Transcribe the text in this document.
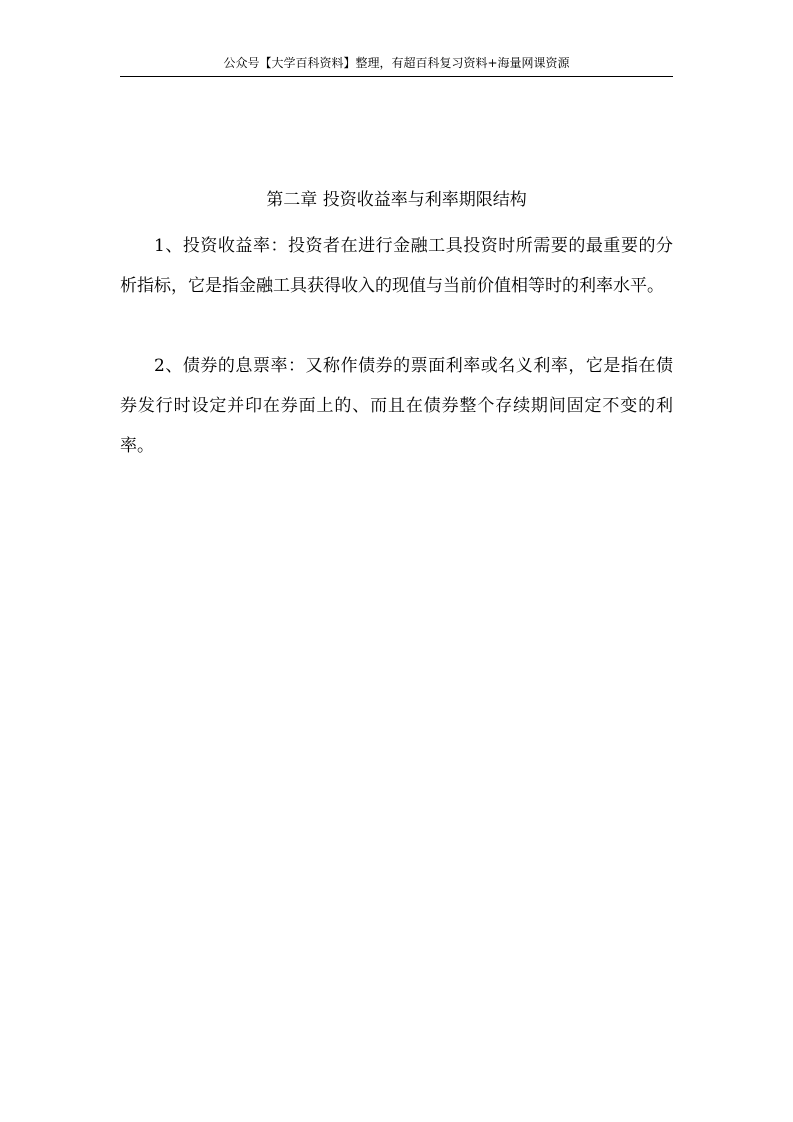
公众号【大学百科资料】整理，有超百科复习资料+海量网课资源
第二章 投资收益率与利率期限结构

1、投资收益率：投资者在进行金融工具投资时所需要的最重要的分析指标，它是指金融工具获得收入的现值与当前价值相等时的利率水平。

2、债券的息票率：又称作债券的票面利率或名义利率，它是指在债券发行时设定并印在券面上的、而且在债券整个存续期间固定不变的利率。
